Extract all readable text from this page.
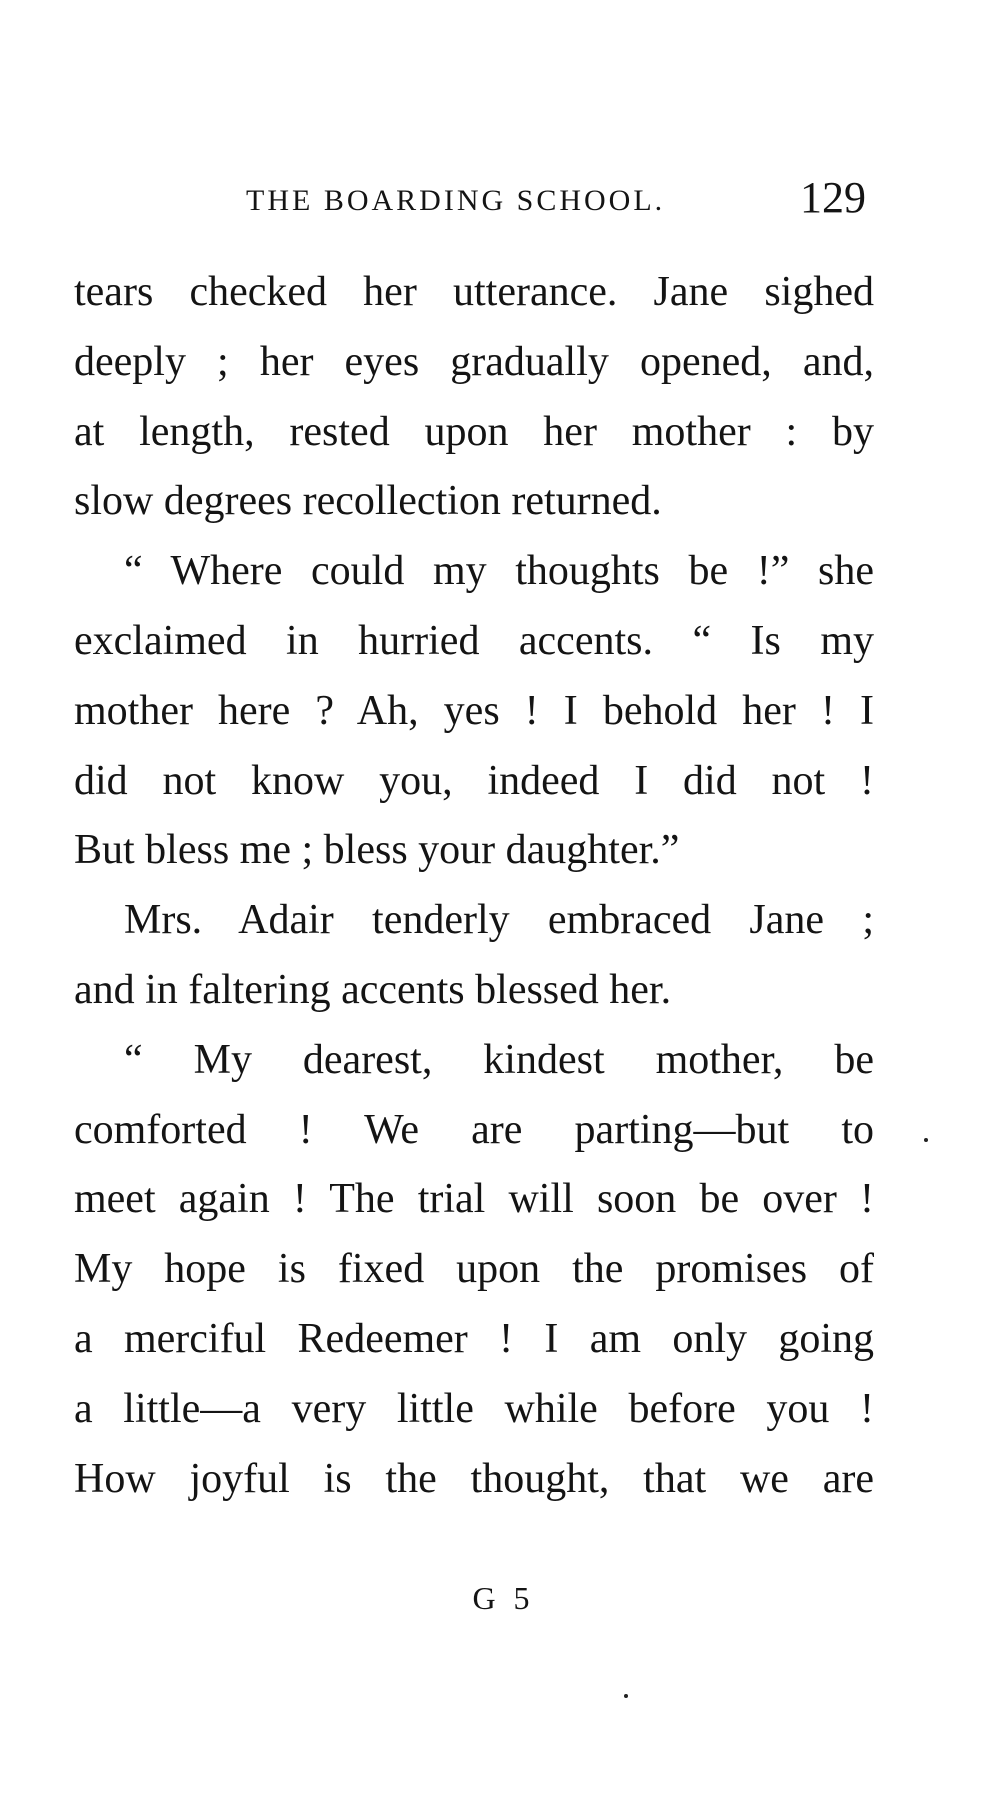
THE BOARDING SCHOOL.	129
tears checked her utterance. Jane sighed
deeply ; her eyes gradually opened, and,
at length, rested upon her mother : by
slow degrees recollection returned.
“ Where could my thoughts be !” she
exclaimed in hurried accents. “ Is my
mother here ? Ah, yes ! I behold her ! I
did not know you, indeed I did not !
But bless me ; bless your daughter.”
Mrs. Adair tenderly embraced Jane ;
and in faltering accents blessed her.
“ My dearest, kindest mother, be
comforted ! We are parting—but to
meet again ! The trial will soon be over !
My hope is fixed upon the promises of
a merciful Redeemer ! I am only going
a little—a very little while before you !
How joyful is the thought, that we are
G 5
